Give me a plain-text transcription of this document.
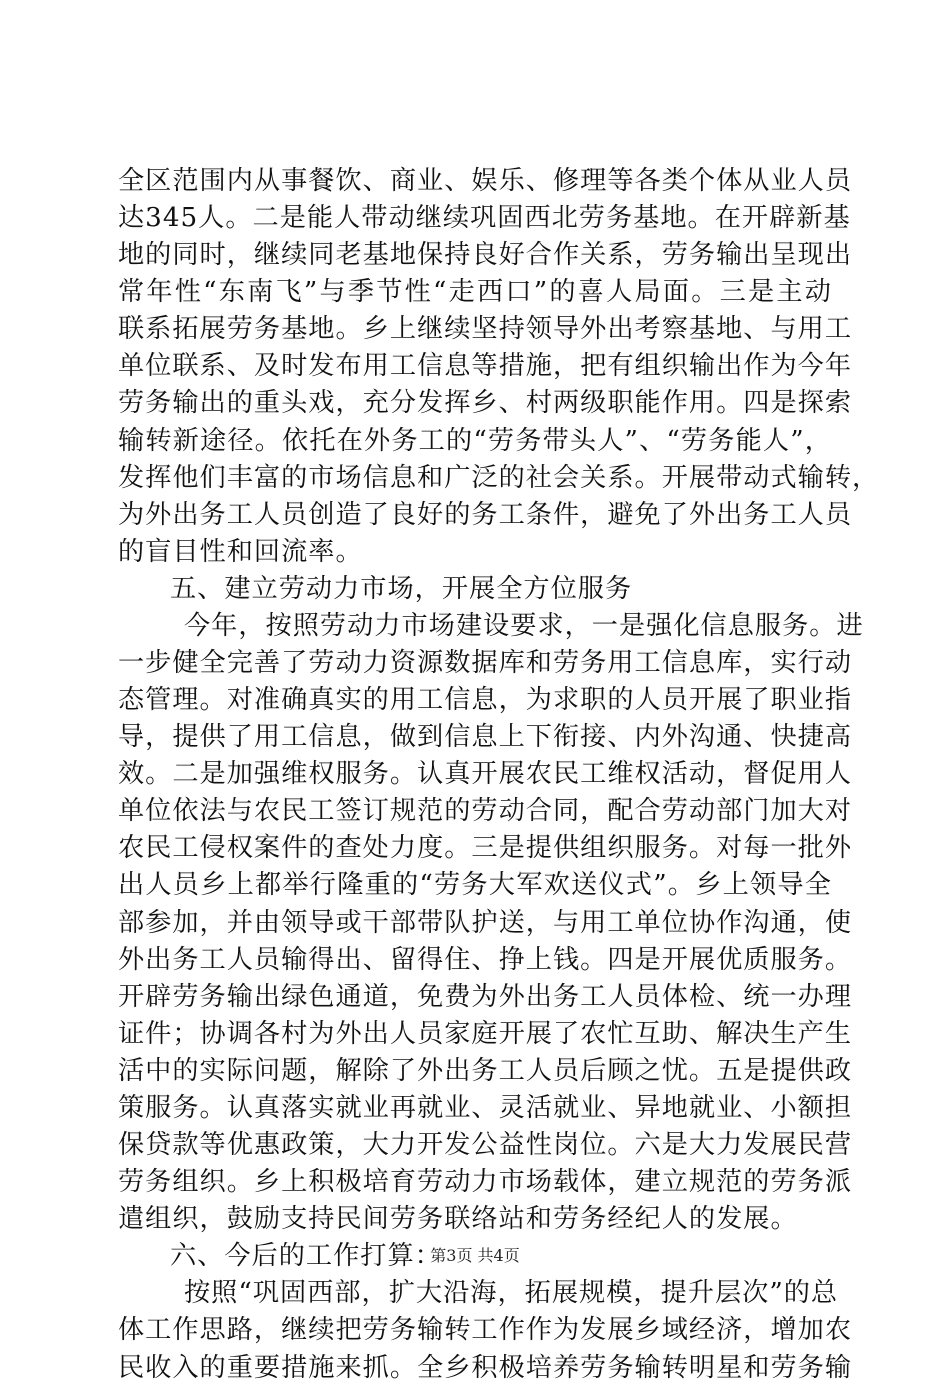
全区范围内从事餐饮、商业、娱乐、修理等各类个体从业人员
达345人。二是能人带动继续巩固西北劳务基地。在开辟新基
地的同时，继续同老基地保持良好合作关系，劳务输出呈现出
常年性“东南飞”与季节性“走西口”的喜人局面。三是主动
联系拓展劳务基地。乡上继续坚持领导外出考察基地、与用工
单位联系、及时发布用工信息等措施，把有组织输出作为今年
劳务输出的重头戏，充分发挥乡、村两级职能作用。四是探索
输转新途径。依托在外务工的“劳务带头人”、“劳务能人”，
发挥他们丰富的市场信息和广泛的社会关系。开展带动式输转，
为外出务工人员创造了良好的务工条件，避免了外出务工人员
的盲目性和回流率。
五、建立劳动力市场，开展全方位服务
今年，按照劳动力市场建设要求，一是强化信息服务。进
一步健全完善了劳动力资源数据库和劳务用工信息库，实行动
态管理。对准确真实的用工信息，为求职的人员开展了职业指
导，提供了用工信息，做到信息上下衔接、内外沟通、快捷高
效。二是加强维权服务。认真开展农民工维权活动，督促用人
单位依法与农民工签订规范的劳动合同，配合劳动部门加大对
农民工侵权案件的查处力度。三是提供组织服务。对每一批外
出人员乡上都举行隆重的“劳务大军欢送仪式”。乡上领导全
部参加，并由领导或干部带队护送，与用工单位协作沟通，使
外出务工人员输得出、留得住、挣上钱。四是开展优质服务。
开辟劳务输出绿色通道，免费为外出务工人员体检、统一办理
证件；协调各村为外出人员家庭开展了农忙互助、解决生产生
活中的实际问题，解除了外出务工人员后顾之忧。五是提供政
策服务。认真落实就业再就业、灵活就业、异地就业、小额担
保贷款等优惠政策，大力开发公益性岗位。六是大力发展民营
劳务组织。乡上积极培育劳动力市场载体，建立规范的劳务派
遣组织，鼓励支持民间劳务联络站和劳务经纪人的发展。
六、今后的工作打算：
按照“巩固西部，扩大沿海，拓展规模，提升层次”的总
体工作思路，继续把劳务输转工作作为发展乡域经济，增加农
民收入的重要措施来抓。全乡积极培养劳务输转明星和劳务输
第3页 共4页
